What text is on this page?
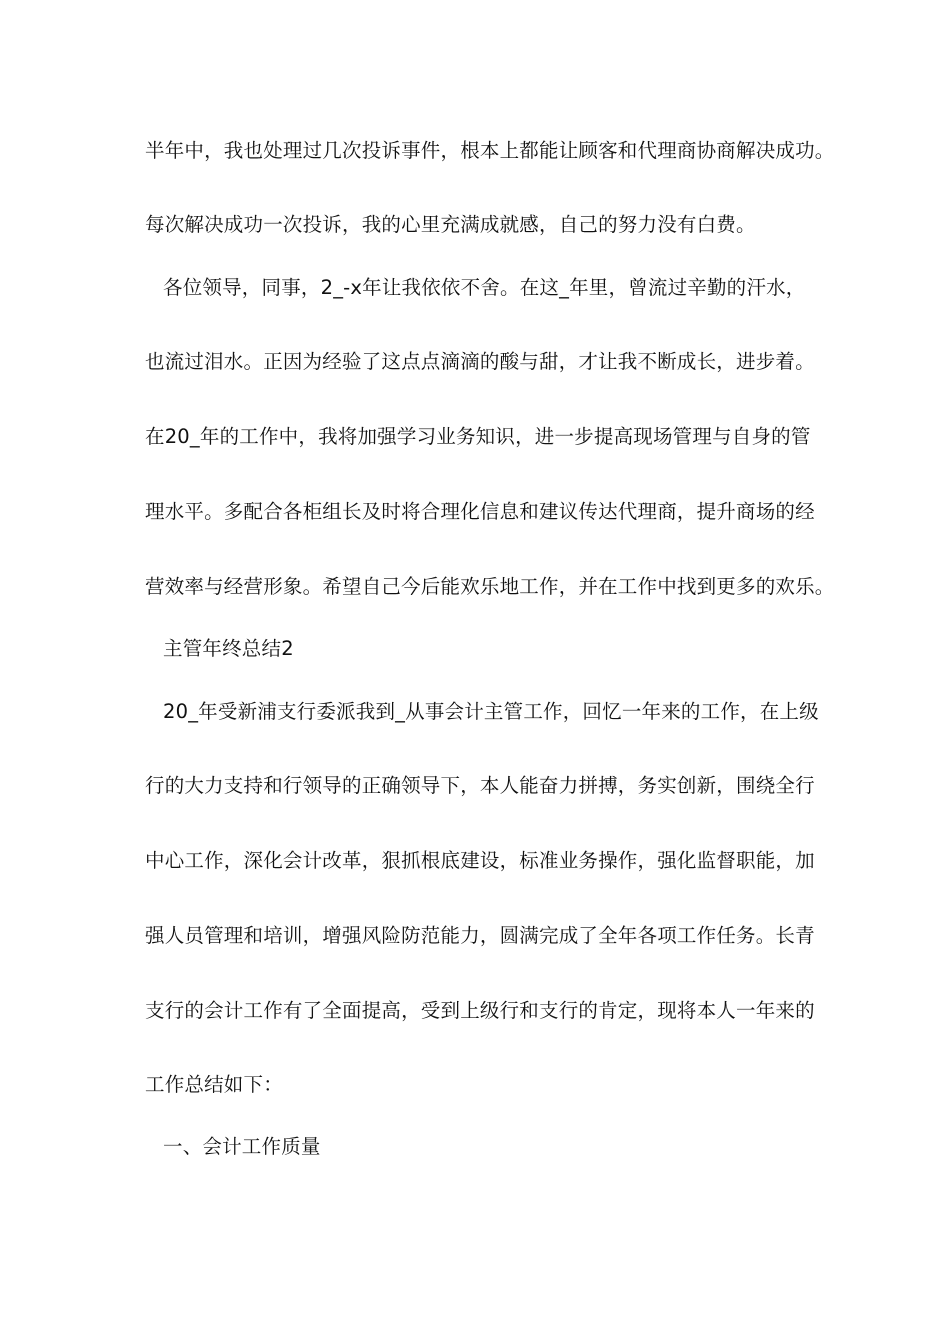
半年中，我也处理过几次投诉事件，根本上都能让顾客和代理商协商解决成功。
每次解决成功一次投诉，我的心里充满成就感，自己的努力没有白费。
各位领导，同事，2_-x年让我依依不舍。在这_年里，曾流过辛勤的汗水，
也流过泪水。正因为经验了这点点滴滴的酸与甜，才让我不断成长，进步着。
在20_年的工作中，我将加强学习业务知识，进一步提高现场管理与自身的管
理水平。多配合各柜组长及时将合理化信息和建议传达代理商，提升商场的经
营效率与经营形象。希望自己今后能欢乐地工作，并在工作中找到更多的欢乐。
主管年终总结2
20_年受新浦支行委派我到_从事会计主管工作，回忆一年来的工作，在上级
行的大力支持和行领导的正确领导下，本人能奋力拼搏，务实创新，围绕全行
中心工作，深化会计改革，狠抓根底建设，标准业务操作，强化监督职能，加
强人员管理和培训，增强风险防范能力，圆满完成了全年各项工作任务。长青
支行的会计工作有了全面提高，受到上级行和支行的肯定，现将本人一年来的
工作总结如下：
一、会计工作质量
